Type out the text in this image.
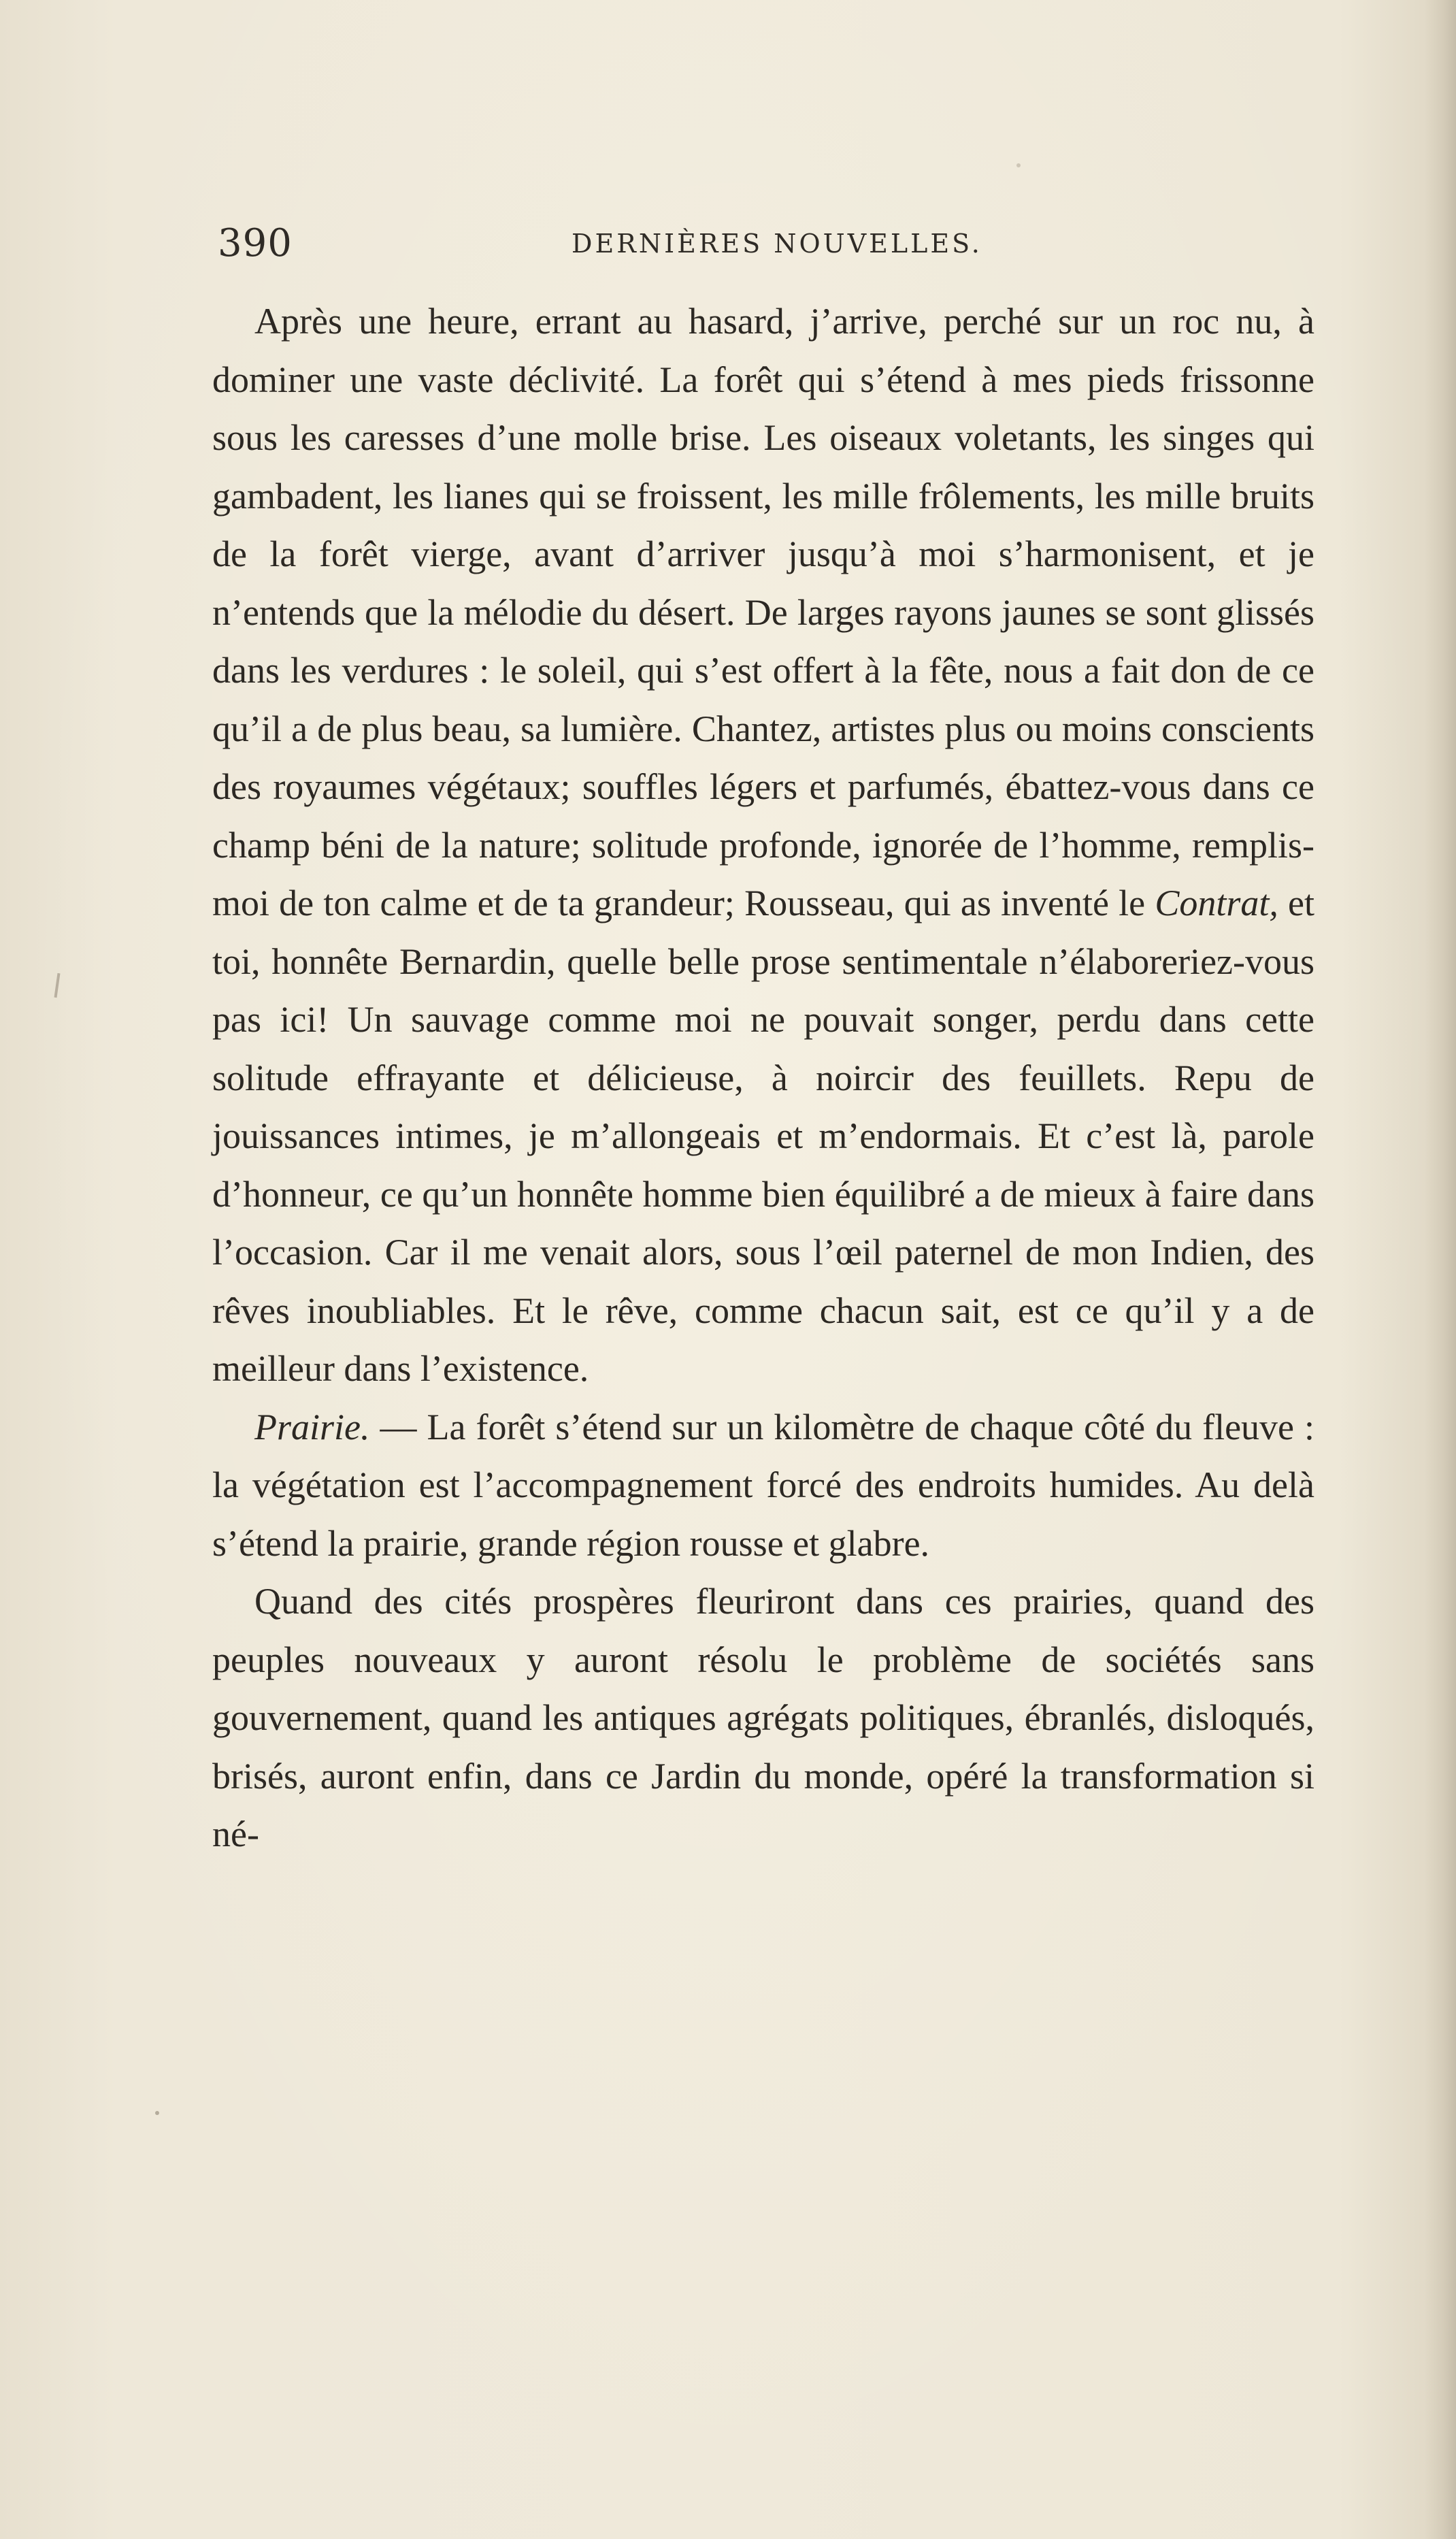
390	DERNIÈRES NOUVELLES.

Après une heure, errant au hasard, j’arrive, perché sur un roc nu, à dominer une vaste déclivité. La forêt qui s’étend à mes pieds frissonne sous les caresses d’une molle brise. Les oiseaux voletants, les singes qui gambadent, les lianes qui se froissent, les mille frôlements, les mille bruits de la forêt vierge, avant d’arriver jusqu’à moi s’harmonisent, et je n’entends que la mélodie du désert. De larges rayons jaunes se sont glissés dans les verdures : le soleil, qui s’est offert à la fête, nous a fait don de ce qu’il a de plus beau, sa lumière. Chantez, artistes plus ou moins conscients des royaumes végétaux; souffles légers et parfumés, ébattez-vous dans ce champ béni de la nature; solitude profonde, ignorée de l’homme, remplis-moi de ton calme et de ta grandeur; Rousseau, qui as inventé le Contrat, et toi, honnête Bernardin, quelle belle prose sentimentale n’élaboreriez-vous pas ici! Un sauvage comme moi ne pouvait songer, perdu dans cette solitude effrayante et délicieuse, à noircir des feuillets. Repu de jouissances intimes, je m’allongeais et m’endormais. Et c’est là, parole d’honneur, ce qu’un honnête homme bien équilibré a de mieux à faire dans l’occasion. Car il me venait alors, sous l’œil paternel de mon Indien, des rêves inoubliables. Et le rêve, comme chacun sait, est ce qu’il y a de meilleur dans l’existence.

Prairie. — La forêt s’étend sur un kilomètre de chaque côté du fleuve : la végétation est l’accompagnement forcé des endroits humides. Au delà s’étend la prairie, grande région rousse et glabre.

Quand des cités prospères fleuriront dans ces prairies, quand des peuples nouveaux y auront résolu le problème de sociétés sans gouvernement, quand les antiques agrégats politiques, ébranlés, disloqués, brisés, auront enfin, dans ce Jardin du monde, opéré la transformation si né-
